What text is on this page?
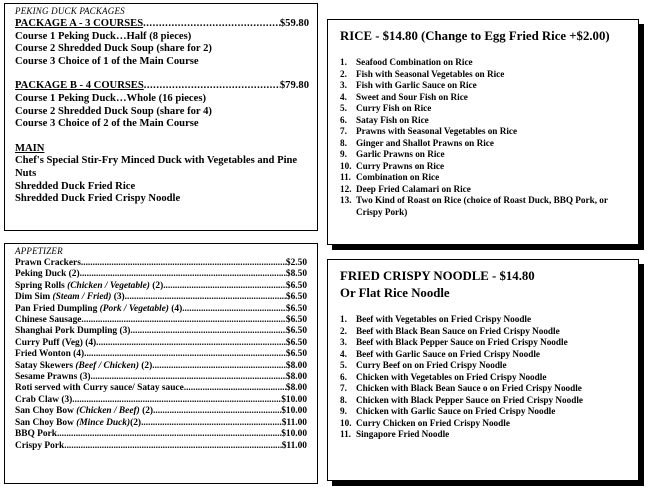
PEKING DUCK PACKAGES
PACKAGE A - 3 COURSES .....	$59.80
Course 1 Peking Duck…Half (8 pieces)
Course 2 Shredded Duck Soup (share for 2)
Course 3 Choice of 1 of the Main Course
PACKAGE B - 4 COURSES .....	$79.80
Course 1 Peking Duck…Whole (16 pieces)
Course 2 Shredded Duck Soup (share for 4)
Course 3 Choice of 2 of the Main Course
MAIN
Chef's Special Stir-Fry Minced Duck with Vegetables and Pine Nuts
Shredded Duck Fried Rice
Shredded Duck Fried Crispy Noodle
APPETIZER
Prawn Crackers .....	$2.50
Peking Duck (2) .....	$8.50
Spring Rolls (Chicken / Vegetable) (2) .....	$6.50
Dim Sim (Steam / Fried) (3) .....	$6.50
Pan Fried Dumpling (Pork / Vegetable) (4) .....	$6.50
Chinese Sausage .....	$6.50
Shanghai Pork Dumpling (3) .....	$6.50
Curry Puff (Veg) (4) .....	$6.50
Fried Wonton (4) .....	$6.50
Satay Skewers (Beef / Chicken) (2) .....	$8.00
Sesame Prawns (3) .....	$8.00
Roti served with Curry sauce/ Satay sauce .....	$8.00
Crab Claw (3) .....	$10.00
San Choy Bow (Chicken / Beef) (2) .....	$10.00
San Choy Bow (Mince Duck)(2) .....	$11.00
BBQ Pork .....	$10.00
Crispy Pork .....	$11.00
RICE - $14.80 (Change to Egg Fried Rice +$2.00)
1. Seafood Combination on Rice
2. Fish with Seasonal Vegetables on Rice
3. Fish with Garlic Sauce on Rice
4. Sweet and Sour Fish on Rice
5. Curry Fish on Rice
6. Satay Fish on Rice
7. Prawns with Seasonal Vegetables on Rice
8. Ginger and Shallot Prawns on Rice
9. Garlic Prawns on Rice
10. Curry Prawns on Rice
11. Combination on Rice
12. Deep Fried Calamari on Rice
13. Two Kind of Roast on Rice (choice of Roast Duck, BBQ Pork, or Crispy Pork)
FRIED CRISPY NOODLE - $14.80
Or Flat Rice Noodle
1. Beef with Vegetables on Fried Crispy Noodle
2. Beef with Black Bean Sauce on Fried Crispy Noodle
3. Beef with Black Pepper Sauce on Fried Crispy Noodle
4. Beef with Garlic Sauce on Fried Crispy Noodle
5. Curry Beef on on Fried Crispy Noodle
6. Chicken with Vegetables on Fried Crispy Noodle
7. Chicken with Black Bean Sauce o on Fried Crispy Noodle
8. Chicken with Black Pepper Sauce on Fried Crispy Noodle
9. Chicken with Garlic Sauce on Fried Crispy Noodle
10. Curry Chicken on Fried Crispy Noodle
11. Singapore Fried Noodle
